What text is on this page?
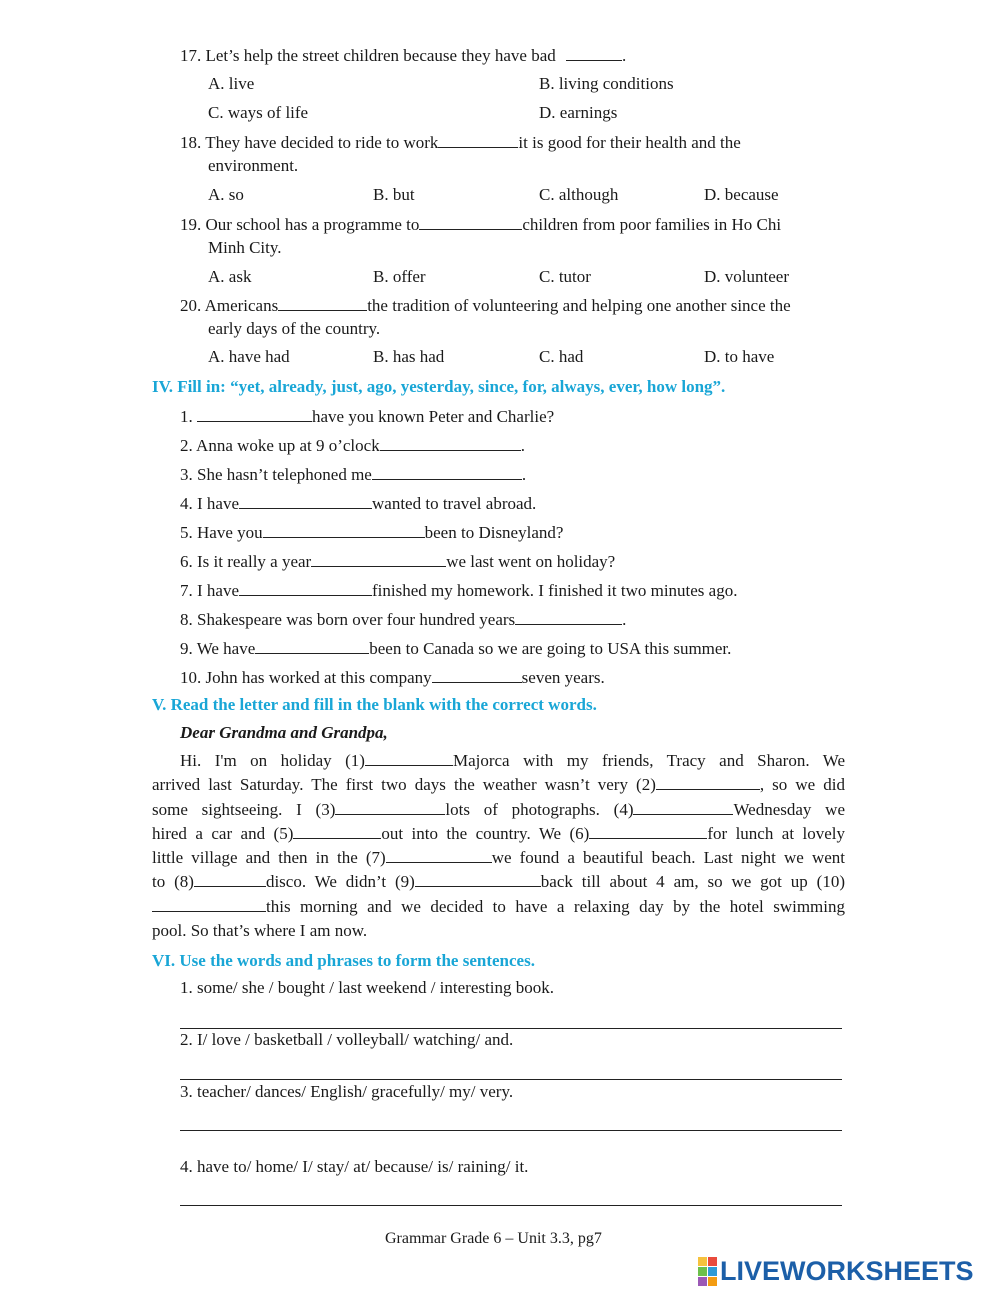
17. Let’s help the street children because they have bad	.
A. live	B. living conditions
C. ways of life	D. earnings
18. They have decided to ride to work	it is good for their health and the
environment.
A. so	B. but	C. although	D. because
19. Our school has a programme to	children from poor families in Ho Chi
Minh City.
A. ask	B. offer	C. tutor	D. volunteer
20. Americans	the tradition of volunteering and helping one another since the
early days of the country.
A. have had	B. has had	C. had	D. to have
IV. Fill in: “yet, already, just, ago, yesterday, since, for, always, ever, how long”.
1.	have you known Peter and Charlie?
2. Anna woke up at 9 o’clock	.
3. She hasn’t telephoned me	.
4. I have	wanted to travel abroad.
5. Have you	been to Disneyland?
6. Is it really a year	we last went on holiday?
7. I have	finished my homework. I finished it two minutes ago.
8. Shakespeare was born over four hundred years	.
9. We have	been to Canada so we are going to USA this summer.
10. John has worked at this company	seven years.
V. Read the letter and fill in the blank with the correct words.
Dear Grandma and Grandpa,
Hi. I'm on holiday (1)	Majorca with my friends, Tracy and Sharon. We
arrived last Saturday. The first two days the weather wasn’t very (2)	, so we did
some sightseeing. I (3)	lots of photographs. (4)	Wednesday we
hired a car and (5)	out into the country. We (6)	for lunch at lovely
little village and then in the (7)	we found a beautiful beach. Last night we went
to (8)	disco. We didn’t (9)	back till about 4 am, so we got up (10)
this morning and we decided to have a relaxing day by the hotel swimming
pool. So that’s where I am now.
VI. Use the words and phrases to form the sentences.
1. some/ she / bought / last weekend / interesting book.
2. I/ love / basketball / volleyball/ watching/ and.
3. teacher/ dances/ English/ gracefully/ my/ very.
4. have to/ home/ I/ stay/ at/ because/ is/ raining/ it.
Grammar Grade 6 – Unit 3.3, pg7
LIVEWORKSHEETS
